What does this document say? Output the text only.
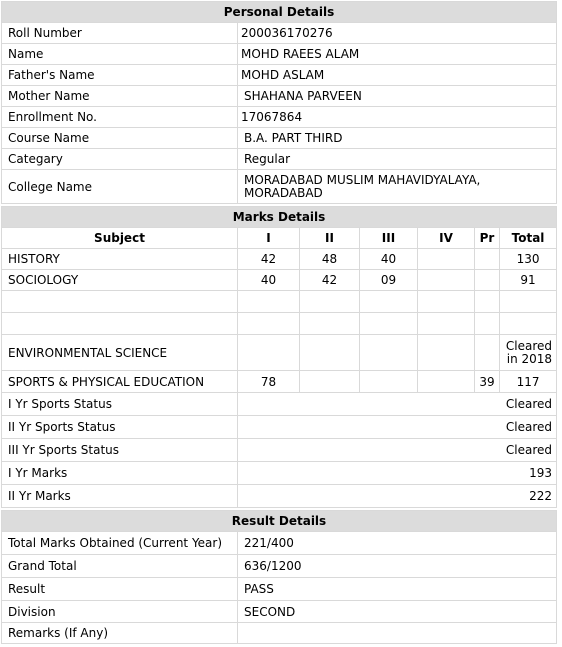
Personal Details	
Roll Number	200036170276
Name	MOHD RAEES ALAM
Father's Name	MOHD ASLAM
Mother Name	SHAHANA PARVEEN
Enrollment No.	17067864
Course Name	B.A. PART THIRD
Categary	Regular
College Name	MORADABAD MUSLIM MAHAVIDYALAYA, MORADABAD
Marks Details						
Subject	I	II	III	IV	Pr	Total
HISTORY	42	48	40			130
SOCIOLOGY	40	42	09			91

ENVIRONMENTAL SCIENCE						Cleared in 2018
SPORTS & PHYSICAL EDUCATION	78				39	117
I Yr Sports Status	Cleared					
II Yr Sports Status	Cleared					
III Yr Sports Status	Cleared					
I Yr Marks	193					
II Yr Marks	222					
Result Details	
Total Marks Obtained (Current Year)	221/400
Grand Total	636/1200
Result	PASS
Division	SECOND
Remarks (If Any)	
